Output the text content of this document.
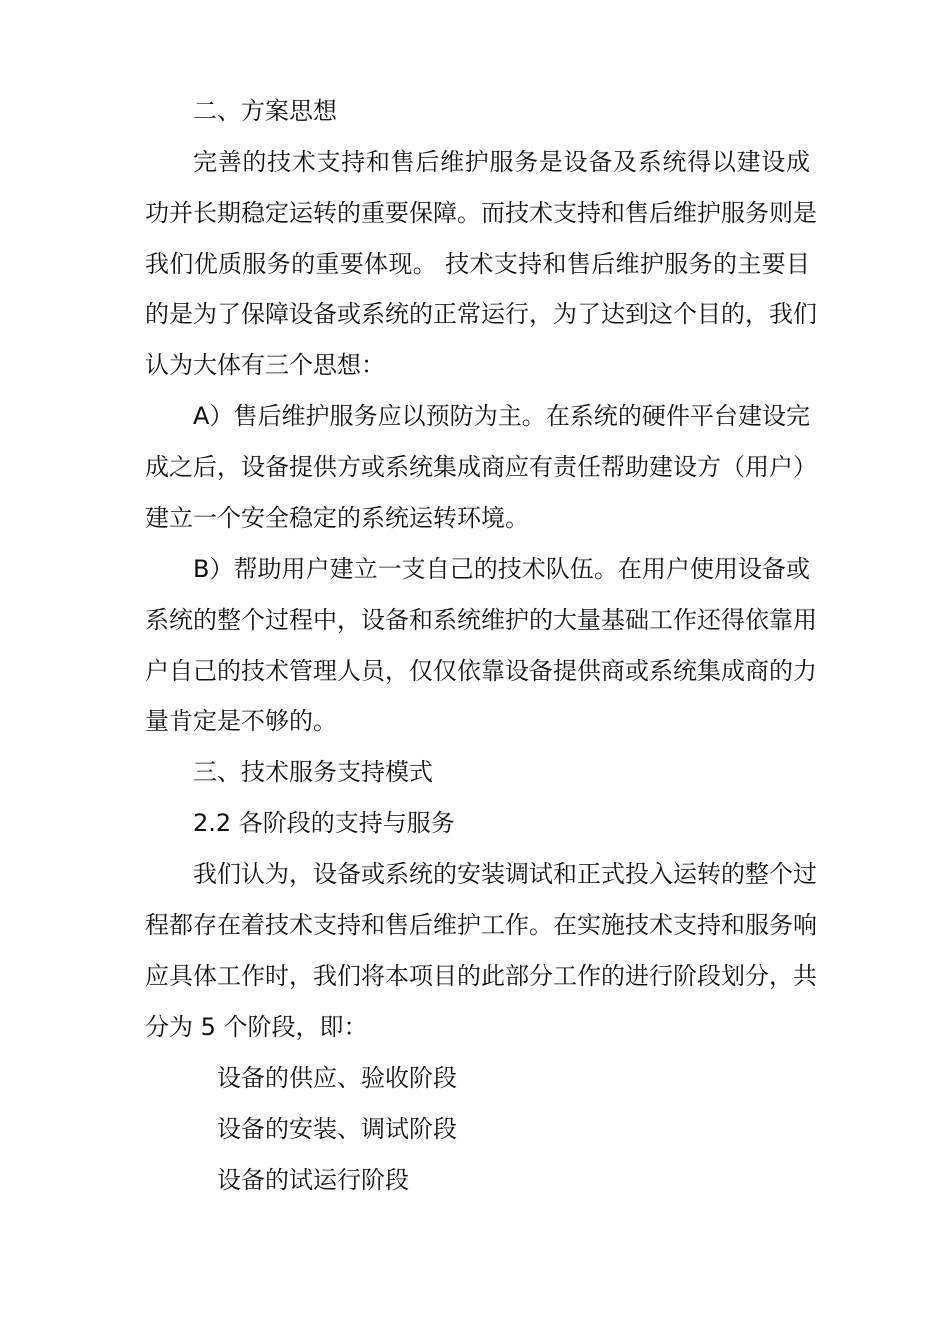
二、方案思想
完善的技术支持和售后维护服务是设备及系统得以建设成
功并长期稳定运转的重要保障。而技术支持和售后维护服务则是
我们优质服务的重要体现。 技术支持和售后维护服务的主要目
的是为了保障设备或系统的正常运行，为了达到这个目的，我们
认为大体有三个思想：
A）售后维护服务应以预防为主。在系统的硬件平台建设完
成之后，设备提供方或系统集成商应有责任帮助建设方（用户）
建立一个安全稳定的系统运转环境。
B）帮助用户建立一支自己的技术队伍。在用户使用设备或
系统的整个过程中，设备和系统维护的大量基础工作还得依靠用
户自己的技术管理人员，仅仅依靠设备提供商或系统集成商的力
量肯定是不够的。
三、技术服务支持模式
2.2 各阶段的支持与服务
我们认为，设备或系统的安装调试和正式投入运转的整个过
程都存在着技术支持和售后维护工作。在实施技术支持和服务响
应具体工作时，我们将本项目的此部分工作的进行阶段划分，共
分为 5 个阶段，即：
设备的供应、验收阶段
设备的安装、调试阶段
设备的试运行阶段
